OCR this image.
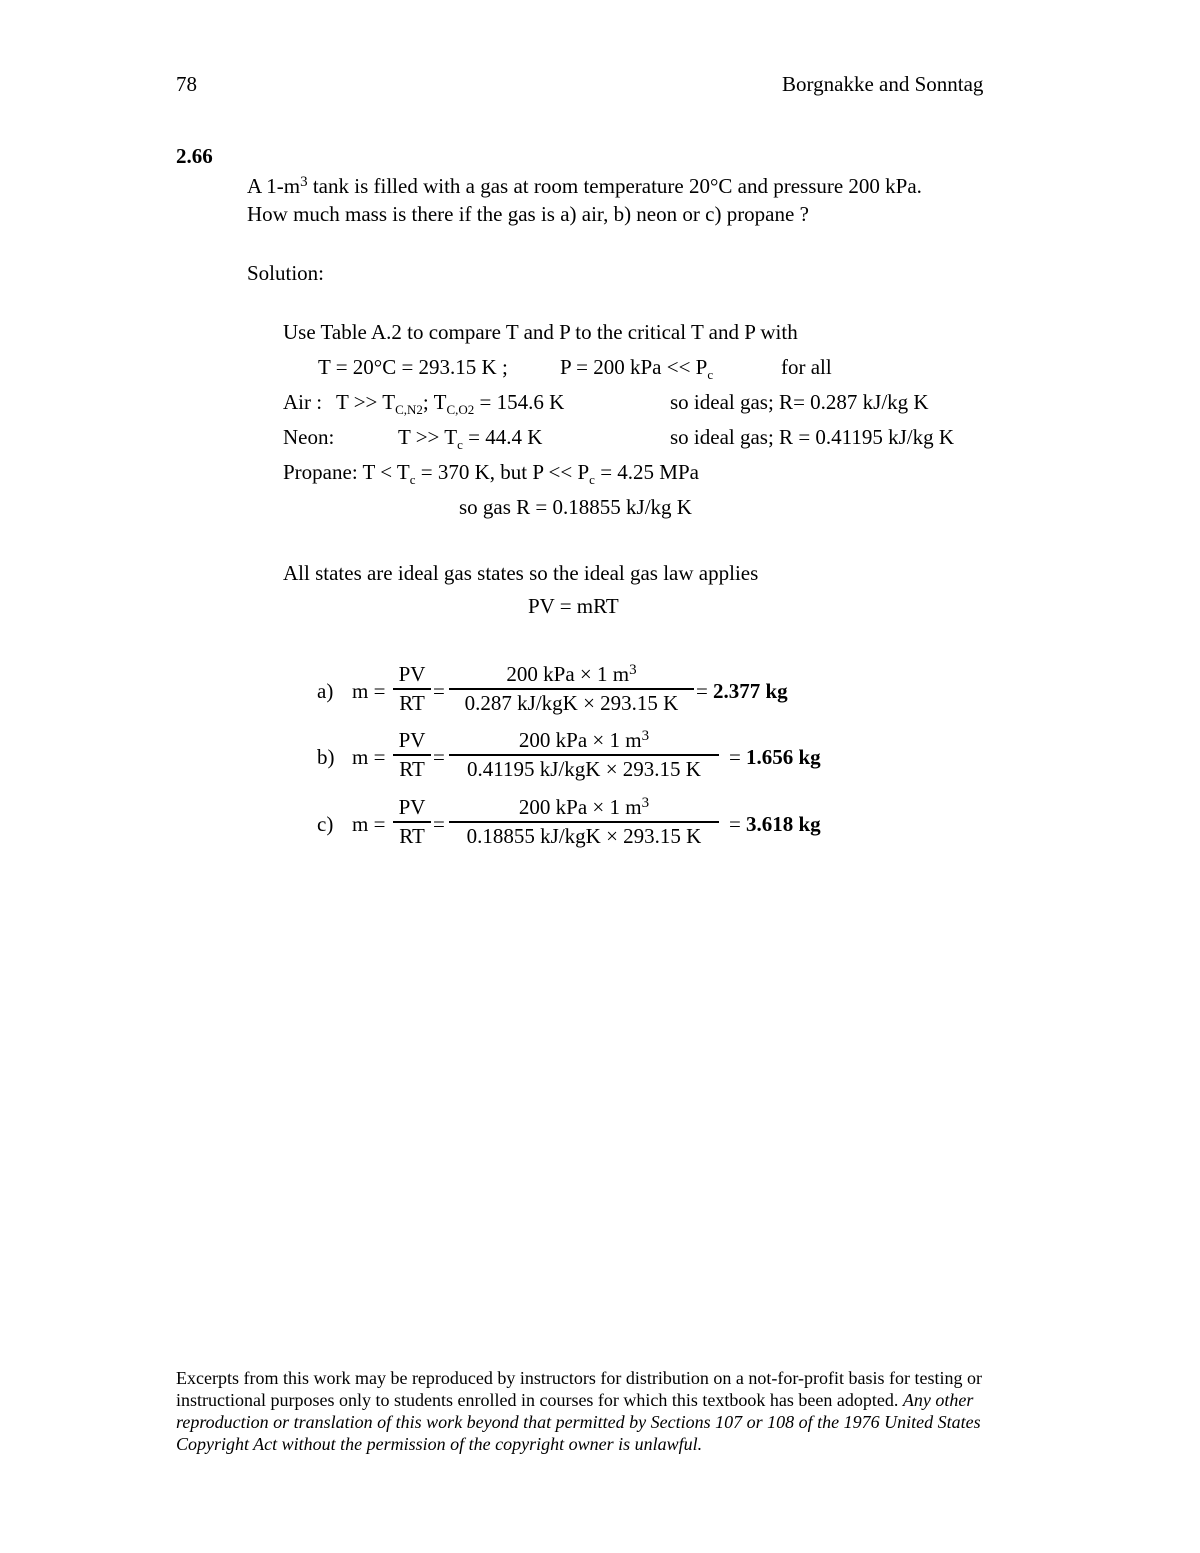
78	Borgnakke and Sonntag
2.66
A $1-m^3$ tank is filled with a gas at room temperature 20°C and pressure 200 kPa.
How much mass is there if the gas is a) air, b) neon or c) propane ?
Solution:
Use Table A.2 to compare T and P to the critical T and P with
T = 20°C = 293.15 K ; P = 200 kPa << $P_c$	for all
Air : $T >> T_{C,N2}$; $T_{C,O2} = 154.6$ K	so ideal gas; R= 0.287 kJ/kg K
Neon:	$T >> T_c = 44.4$ K	so ideal gas; R = 0.41195 kJ/kg K
Propane: $T < T_c = 370$ K, but $P << P_c = 4.25$ MPa
so gas R = 0.18855 kJ/kg K
All states are ideal gas states so the ideal gas law applies
PV = mRT
a) $m = \frac{PV}{RT}$ =
200 kPa × 1 $m^3$
0.287 kJ/kgK × 293.15 K = 2.377 kg
b) $m = \frac{PV}{RT}$ =
200 kPa × 1 $m^3$
0.41195 kJ/kgK × 293.15 K	= 1.656 kg
c) $m = \frac{PV}{RT}$ =
200 kPa × 1 $m^3$
0.18855 kJ/kgK × 293.15 K	= 3.618 kg
Excerpts from this work may be reproduced by instructors for distribution on a not-for-profit basis for testing or instructional purposes only to students enrolled in courses for which this textbook has been adopted. Any other reproduction or translation of this work beyond that permitted by Sections 107 or 108 of the 1976 United States Copyright Act without the permission of the copyright owner is unlawful.
